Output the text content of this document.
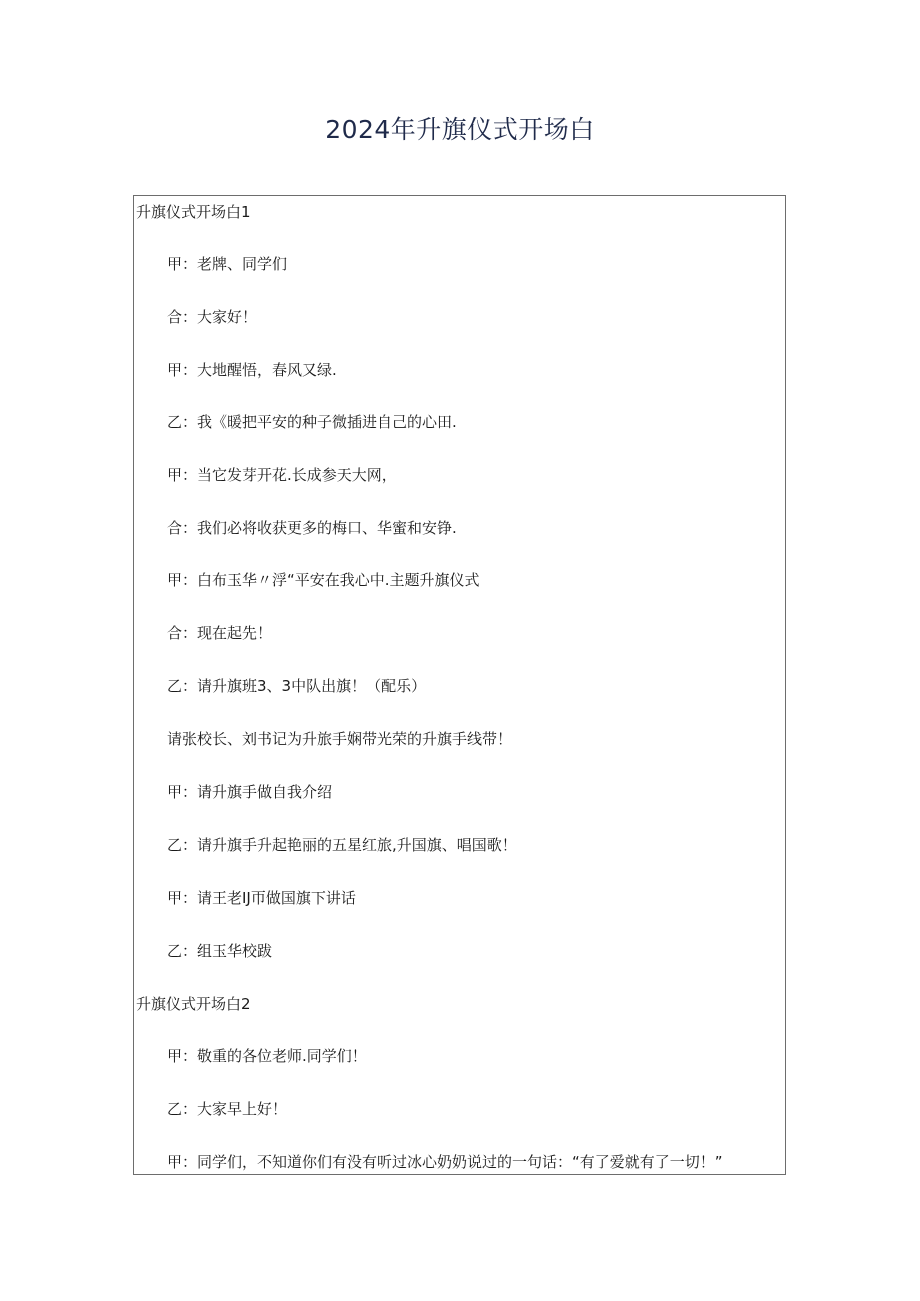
2024年升旗仪式开场白
升旗仪式开场白1
甲：老牌、同学们
合：大家好！
甲：大地醒悟，春风又绿.
乙：我《暖把平安的种子微插进自己的心田.
甲：当它发芽开花.长成参天大网，
合：我们必将收获更多的梅口、华蜜和安铮.
甲：白布玉华〃浮“平安在我心中.主题升旗仪式
合：现在起先！
乙：请升旗班3、3中队出旗！（配乐）
请张校长、刘书记为升旅手娴带光荣的升旗手线带！
甲：请升旗手做自我介绍
乙：请升旗手升起艳丽的五星红旅,升国旗、唱国歌！
甲：请王老IJ帀做国旗下讲话
乙：组玉华校跋
升旗仪式开场白2
甲：敬重的各位老师.同学们！
乙：大家早上好！
甲：同学们，不知道你们有没有听过冰心奶奶说过的一句话：“有了爱就有了一切！”
